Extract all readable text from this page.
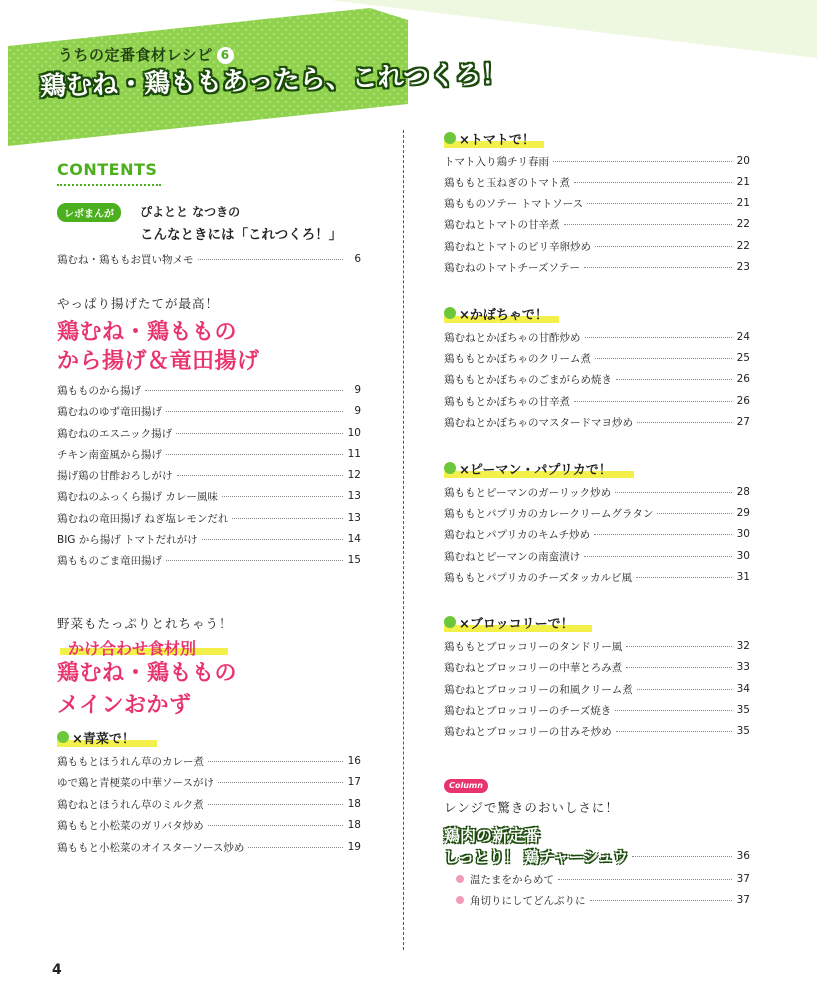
うちの定番食材レシピ 6
鶏むね・鶏ももあったら、これつくろ！
CONTENTS
レポまんが	ぴよとと なつきの
こんなときには「これつくろ！」
鶏むね・鶏ももお買い物メモ	6
やっぱり揚げたてが最高！
鶏むね・鶏ももの
から揚げ＆竜田揚げ
鶏もものから揚げ	9
鶏むねのゆず竜田揚げ	9
鶏むねのエスニック揚げ	10
チキン南蛮風から揚げ	11
揚げ鶏の甘酢おろしがけ	12
鶏むねのふっくら揚げ カレー風味	13
鶏むねの竜田揚げ ねぎ塩レモンだれ	13
BIG から揚げ トマトだれがけ	14
鶏もものごま竜田揚げ	15
野菜もたっぷりとれちゃう！
かけ合わせ食材別
鶏むね・鶏ももの
メインおかず
×青菜で！
鶏ももとほうれん草のカレー煮	16
ゆで鶏と青梗菜の中華ソースがけ	17
鶏むねとほうれん草のミルク煮	18
鶏ももと小松菜のガリバタ炒め	18
鶏ももと小松菜のオイスターソース炒め	19
×トマトで！
トマト入り鶏チリ春雨	20
鶏ももと玉ねぎのトマト煮	21
鶏もものソテー トマトソース	21
鶏むねとトマトの甘辛煮	22
鶏むねとトマトのピリ辛卵炒め	22
鶏むねのトマトチーズソテー	23
×かぼちゃで！
鶏むねとかぼちゃの甘酢炒め	24
鶏ももとかぼちゃのクリーム煮	25
鶏ももとかぼちゃのごまがらめ焼き	26
鶏ももとかぼちゃの甘辛煮	26
鶏むねとかぼちゃのマスタードマヨ炒め	27
×ピーマン・パプリカで！
鶏ももとピーマンのガーリック炒め	28
鶏ももとパプリカのカレークリームグラタン	29
鶏むねとパプリカのキムチ炒め	30
鶏むねとピーマンの南蛮漬け	30
鶏ももとパプリカのチーズタッカルビ風	31
×ブロッコリーで！
鶏ももとブロッコリーのタンドリー風	32
鶏むねとブロッコリーの中華とろみ煮	33
鶏むねとブロッコリーの和風クリーム煮	34
鶏むねとブロッコリーのチーズ焼き	35
鶏むねとブロッコリーの甘みそ炒め	35
Column
レンジで驚きのおいしさに！
鶏肉の新定番
しっとり！ 鶏チャーシュウ	36
温たまをからめて	37
角切りにしてどんぶりに	37
4
